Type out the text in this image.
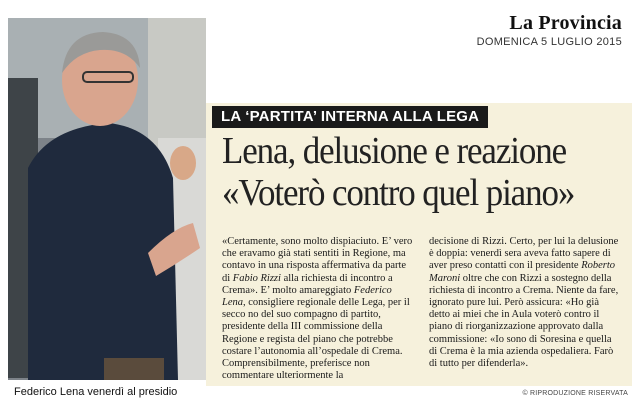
La Provincia
DOMENICA 5 LUGLIO 2015
Federico Lena venerdì al presidio
LA ‘PARTITA’ INTERNA ALLA LEGA
Lena, delusione e reazione
«Voterò contro quel piano»

«Certamente, sono molto dispiaciuto. E’ vero che eravamo già stati sentiti in Regione, ma contavo in una risposta affermativa da parte di Fabio Rizzi alla richiesta di incontro a Crema». E’ molto amareggiato Federico Lena, consigliere regionale delle Lega, per il secco no del suo compagno di partito, presidente della III commissione della Regione e regista del piano che potrebbe costare l’autonomia all’ospedale di Crema. Comprensibilmente, preferisce non commentare ulteriormente la

decisione di Rizzi. Certo, per lui la delusione è doppia: venerdì sera aveva fatto sapere di aver preso contatti con il presidente Roberto Maroni oltre che con Rizzi a sostegno della richiesta di incontro a Crema. Niente da fare, ignorato pure lui. Però assicura: «Ho già detto ai miei che in Aula voterò contro il piano di riorganizzazione approvato dalla commissione: «Io sono di Soresina e quella di Crema è la mia azienda ospedaliera. Farò di tutto per difenderla».

© RIPRODUZIONE RISERVATA
